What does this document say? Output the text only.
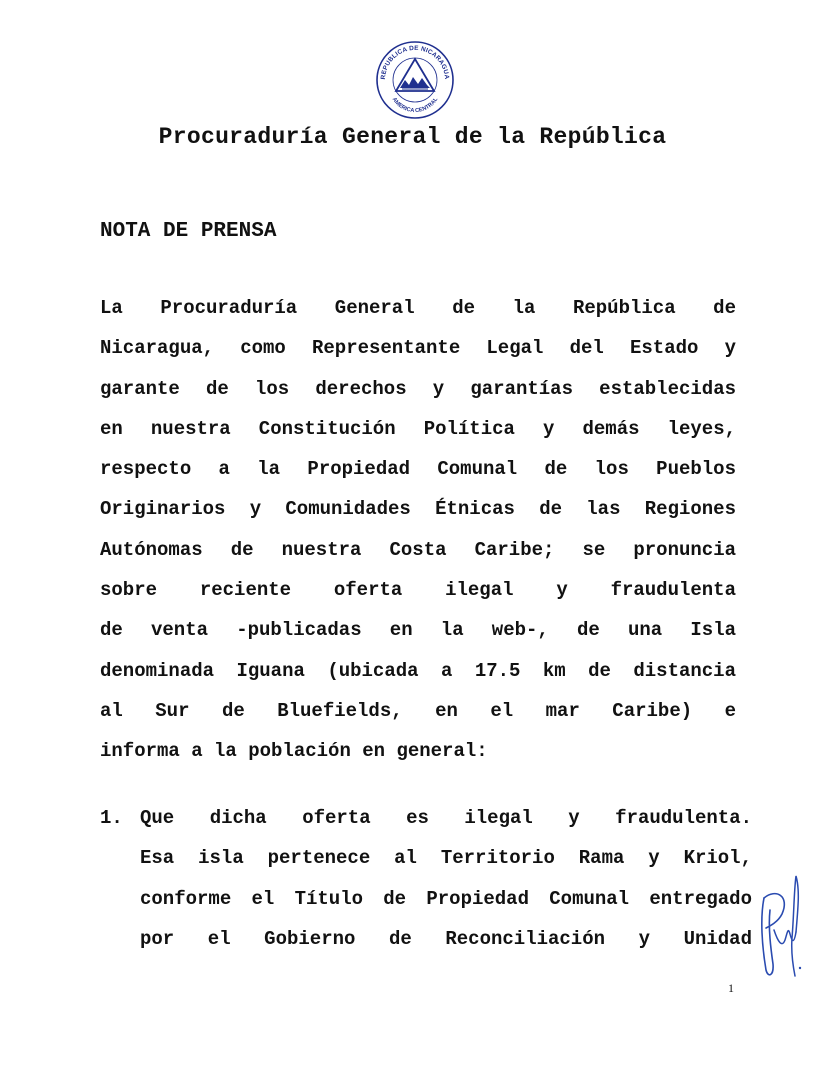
REPUBLICA DE NICARAGUA
AMERICA CENTRAL
Procuraduría General de la República
NOTA DE PRENSA

La Procuraduría General de la República de
Nicaragua, como Representante Legal del Estado y
garante de los derechos y garantías establecidas
en nuestra Constitución Política y demás leyes,
respecto a la Propiedad Comunal de los Pueblos
Originarios y Comunidades Étnicas de las Regiones
Autónomas de nuestra Costa Caribe; se pronuncia
sobre reciente oferta ilegal y fraudulenta
de venta -publicadas en la web-, de una Isla
denominada Iguana (ubicada a 17.5 km de distancia
al Sur de Bluefields, en el mar Caribe) e
informa a la población en general:

1. Que dicha oferta es ilegal y fraudulenta.
Esa isla pertenece al Territorio Rama y Kriol,
conforme el Título de Propiedad Comunal entregado
por el Gobierno de Reconciliación y Unidad
1
